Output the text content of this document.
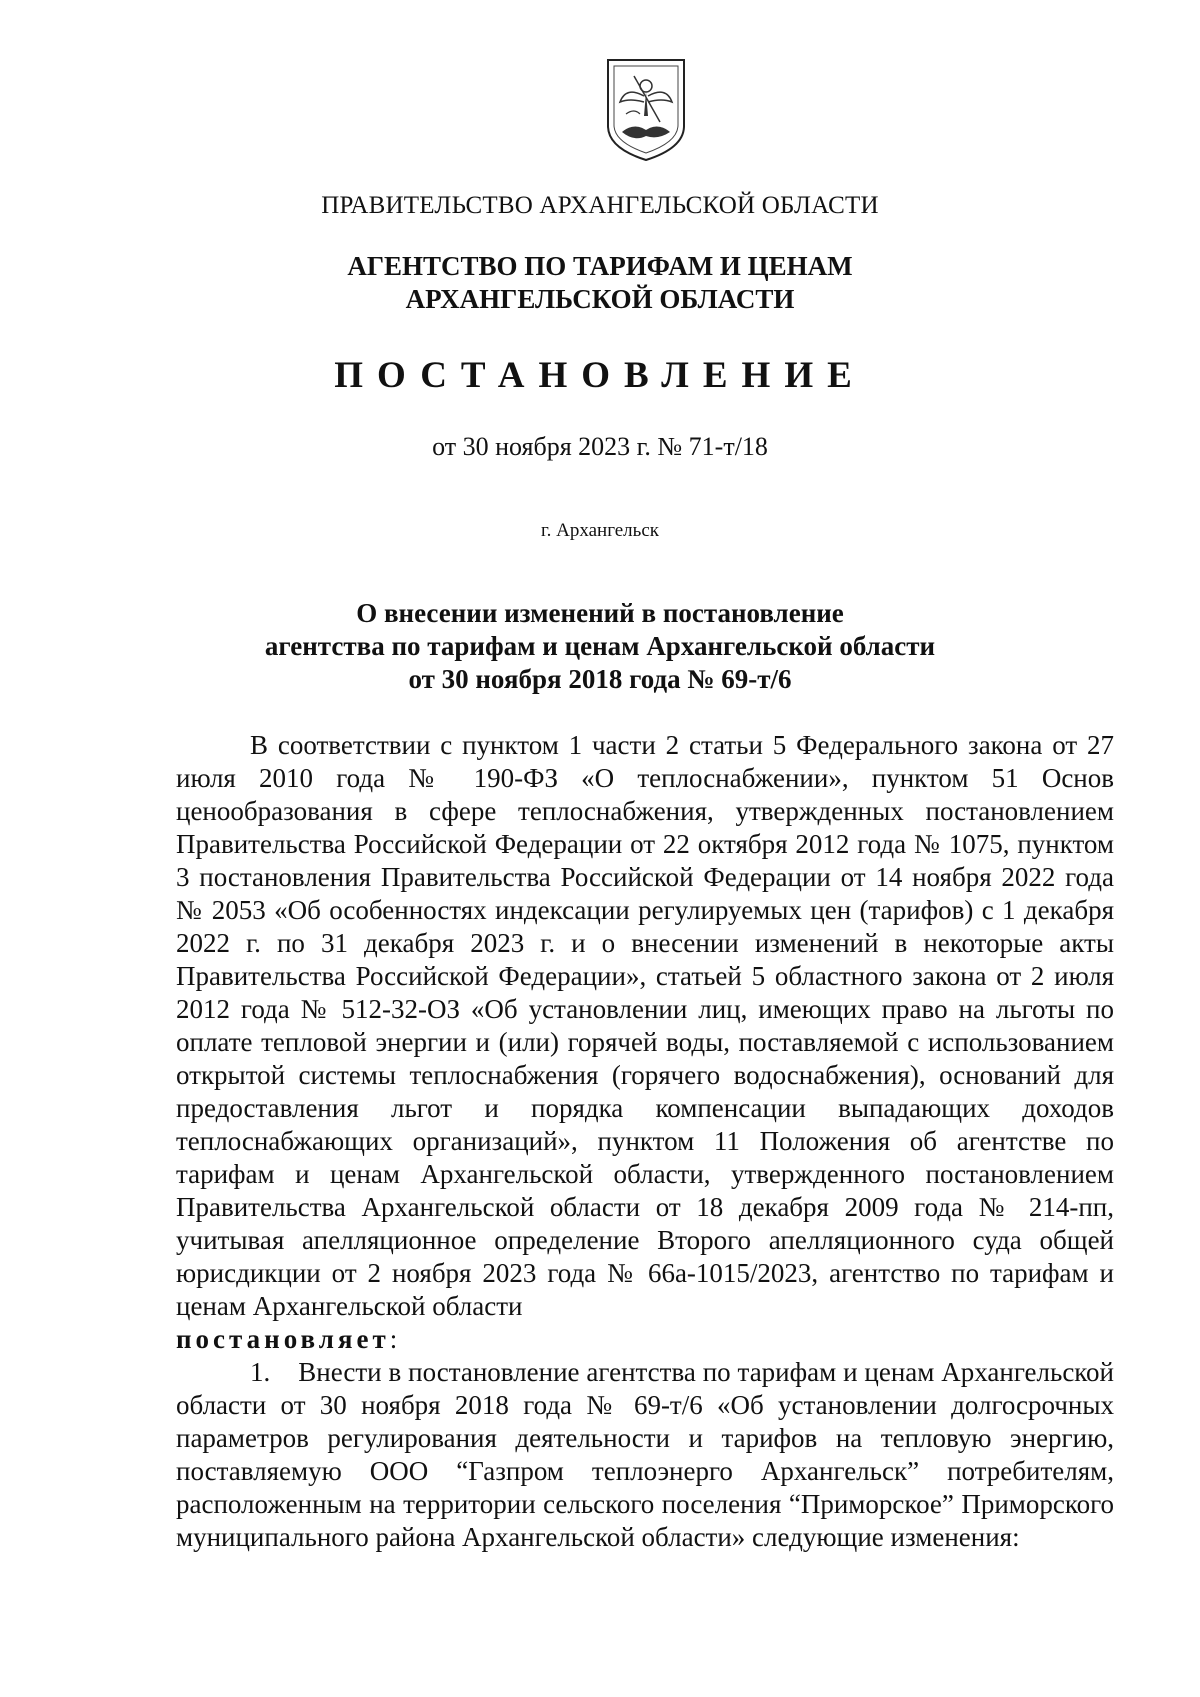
ПРАВИТЕЛЬСТВО АРХАНГЕЛЬСКОЙ ОБЛАСТИ
АГЕНТСТВО ПО ТАРИФАМ И ЦЕНАМ
АРХАНГЕЛЬСКОЙ ОБЛАСТИ
ПОСТАНОВЛЕНИЕ
от 30 ноября 2023 г. № 71-т/18
г. Архангельск
О внесении изменений в постановление
агентства по тарифам и ценам Архангельской области
от 30 ноября 2018 года № 69-т/6

В соответствии с пунктом 1 части 2 статьи 5 Федерального закона от 27 июля 2010 года № 190-ФЗ «О теплоснабжении», пунктом 51 Основ ценообразования в сфере теплоснабжения, утвержденных постановлением Правительства Российской Федерации от 22 октября 2012 года № 1075, пунктом 3 постановления Правительства Российской Федерации от 14 ноября 2022 года № 2053 «Об особенностях индексации регулируемых цен (тарифов) с 1 декабря 2022 г. по 31 декабря 2023 г. и о внесении изменений в некоторые акты Правительства Российской Федерации», статьей 5 областного закона от 2 июля 2012 года № 512-32-ОЗ «Об установлении лиц, имеющих право на льготы по оплате тепловой энергии и (или) горячей воды, поставляемой с использованием открытой системы теплоснабжения (горячего водоснабжения), оснований для предоставления льгот и порядка компенсации выпадающих доходов теплоснабжающих организаций», пунктом 11 Положения об агентстве по тарифам и ценам Архангельской области, утвержденного постановлением Правительства Архангельской области от 18 декабря 2009 года № 214-пп, учитывая апелляционное определение Второго апелляционного суда общей юрисдикции от 2 ноября 2023 года № 66а-1015/2023, агентство по тарифам и ценам Архангельской области

постановляет:

1. Внести в постановление агентства по тарифам и ценам Архангельской области от 30 ноября 2018 года № 69-т/6 «Об установлении долгосрочных параметров регулирования деятельности и тарифов на тепловую энергию, поставляемую ООО “Газпром теплоэнерго Архангельск” потребителям, расположенным на территории сельского поселения “Приморское” Приморского муниципального района Архангельской области» следующие изменения:
